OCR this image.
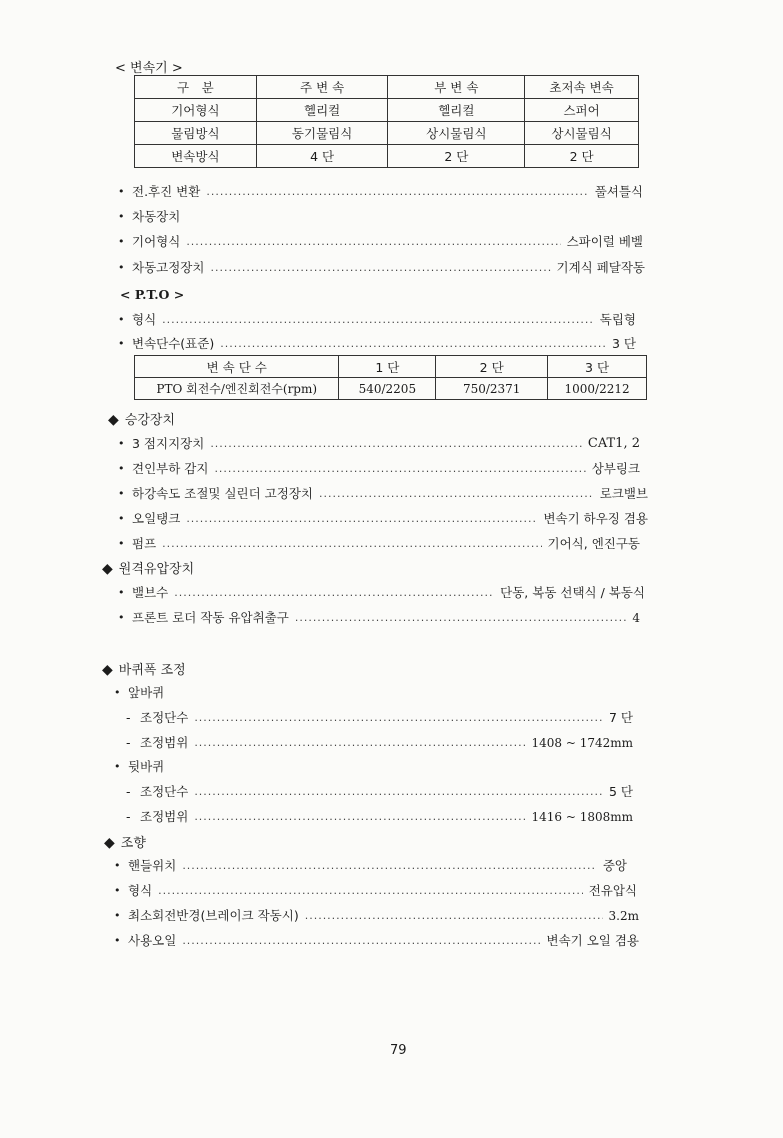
< 변속기 >
구　분	주 변 속	부 변 속	초저속 변속
기어형식	헬리컬	헬리컬	스퍼어
물림방식	동기물림식	상시물림식	상시물림식
변속방식	4 단	2 단	2 단
• 전.후진 변환 .....	풀셔틀식
• 차동장치
• 기어형식 .....	스파이럴 베벨
• 차동고정장치 .....	기계식 페달작동
< P.T.O >
• 형식 .....	독립형
• 변속단수(표준) .....	3 단
변 속 단 수	1 단	2 단	3 단
PTO 회전수/엔진회전수(rpm)	540/2205	750/2371	1000/2212
◆ 승강장치
• 3 점지지장치 .....	CAT1, 2
• 견인부하 감지 .....	상부링크
• 하강속도 조절및 실린더 고정장치 .....	로크밸브
• 오일탱크 .....	변속기 하우징 겸용
• 펌프 .....	기어식, 엔진구동
◆ 원격유압장치
• 밸브수 .....	단동, 복동 선택식 / 복동식
• 프론트 로더 작동 유압취출구 .....	4
◆ 바퀴폭 조정
• 앞바퀴
- 조정단수 .....	7 단
- 조정범위 .....	1408 ~ 1742mm
• 뒷바퀴
- 조정단수 .....	5 단
- 조정범위 .....	1416 ~ 1808mm
◆ 조향
• 핸들위치 .....	중앙
• 형식 .....	전유압식
• 최소회전반경(브레이크 작동시) .....	3.2m
• 사용오일 .....	변속기 오일 겸용
79
